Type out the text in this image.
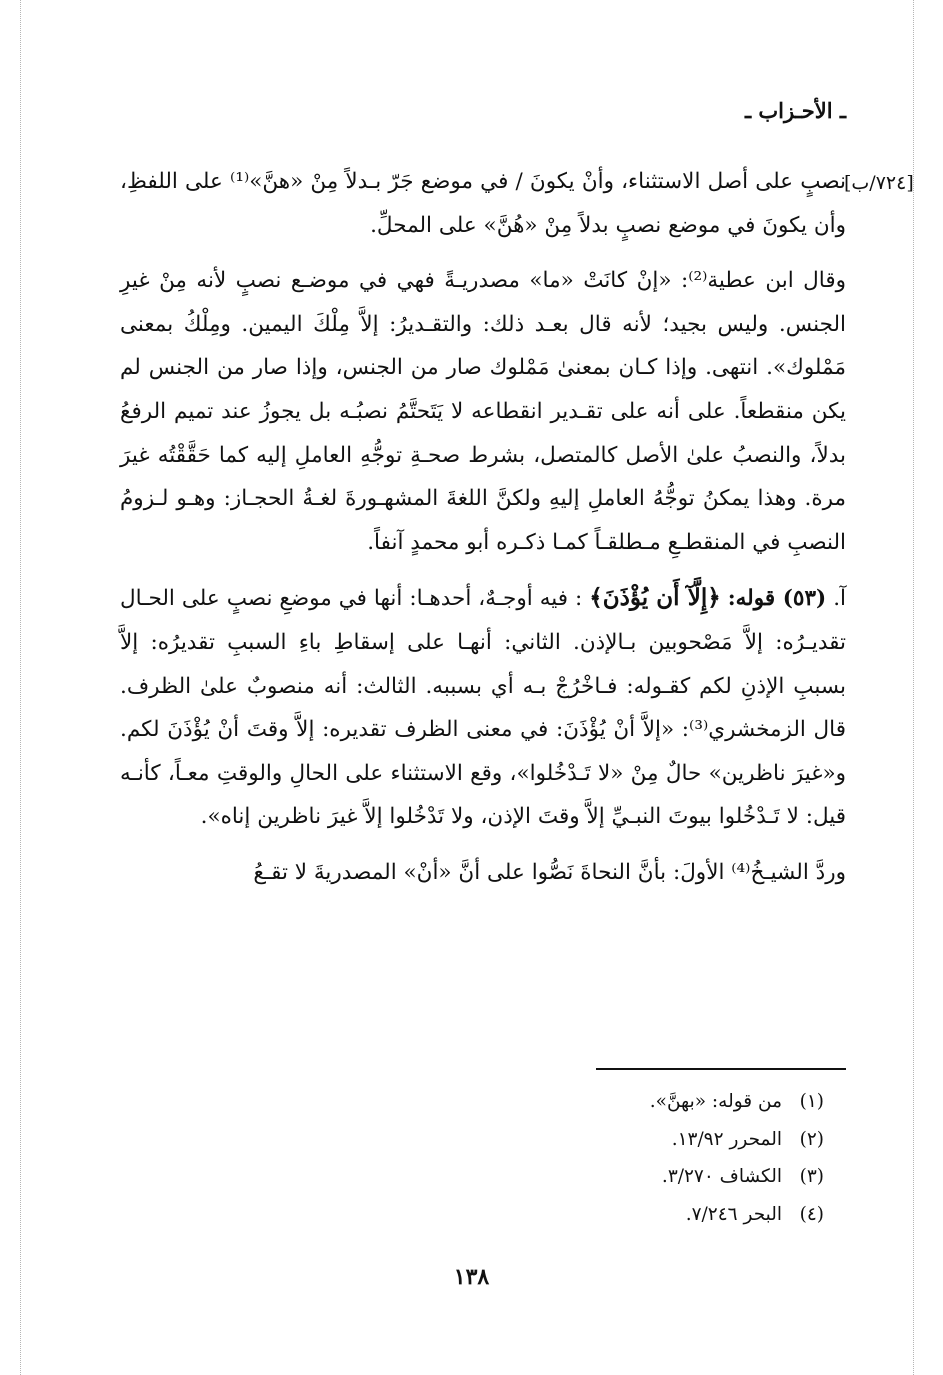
[٧٢٤/ب]
ـ الأحـزاب ـ

نصبٍ على أصل الاستثناء، وأنْ يكونَ / في موضع جَرّ بـدلاً مِنْ «هنَّ»⁽¹⁾ على اللفظِ، وأن يكونَ في موضع نصبٍ بدلاً مِنْ «هُنَّ» على المحلِّ.

وقال ابن عطية⁽²⁾: «إنْ كانَتْ «ما» مصدريـةً فهي في موضـع نصبٍ لأنه مِنْ غيرِ الجنس. وليس بجيد؛ لأنه قال بعـد ذلك: والتقـديرُ: إلاَّ مِلْكَ اليمين. ومِلْكُ بمعنى مَمْلوك». انتهى. وإذا كـان بمعنىٰ مَمْلوك صار من الجنس، وإذا صار من الجنس لم يكن منقطعاً. على أنه على تقـدير انقطاعه لا يَتَحتَّمُ نصبُـه بل يجوزُ عند تميم الرفعُ بدلاً، والنصبُ علىٰ الأصل كالمتصل، بشرط صحـةِ توجُّهِ العاملِ إليه كما حَقَّقْتُه غيرَ مرة. وهذا يمكنُ توجُّهُ العاملِ إليهِ ولكنَّ اللغةَ المشهـورةَ لغـةُ الحجـاز: وهـو لـزومُ النصبِ في المنقطـعِ مـطلقـاً كمـا ذكـره أبو محمدٍ آنفاً.

آ. (٥٣) قوله: ﴿إِلَّآ أَن يُؤْذَنَ﴾ : فيه أوجـهٌ، أحدهـا: أنها في موضعِ نصبٍ على الحـال تقديـرُه: إلاَّ مَصْحوبين بـالإذن. الثاني: أنهـا على إسقاطِ باءِ السببِ تقديرُه: إلاَّ بسببِ الإذنِ لكم كقـوله: فـاخْرُجْ بـه أي بسببه. الثالث: أنه منصوبٌ علىٰ الظرف. قال الزمخشري⁽³⁾: «إلاَّ أنْ يُؤْذَنَ: في معنى الظرف تقديره: إلاَّ وقتَ أنْ يُؤْذَنَ لكم. و«غيرَ ناظرين» حالٌ مِنْ «لا تَـدْخُلوا»، وقع الاستثناء على الحالِ والوقتِ معـاً، كأنـه قيل: لا تَـدْخُلوا بيوتَ النبـيِّ إلاَّ وقتَ الإذن، ولا تَدْخُلوا إلاَّ غيرَ ناظرين إناه».

وردَّ الشيـخُ⁽⁴⁾ الأولَ: بأنَّ النحاةَ نَصُّوا على أنَّ «أنْ» المصدريةَ لا تقـعُ

(١)من قوله: «بهنَّ».
(٢)المحرر ١٣/٩٢.
(٣)الكشاف ٣/٢٧٠.
(٤)البحر ٧/٢٤٦.
١٣٨
